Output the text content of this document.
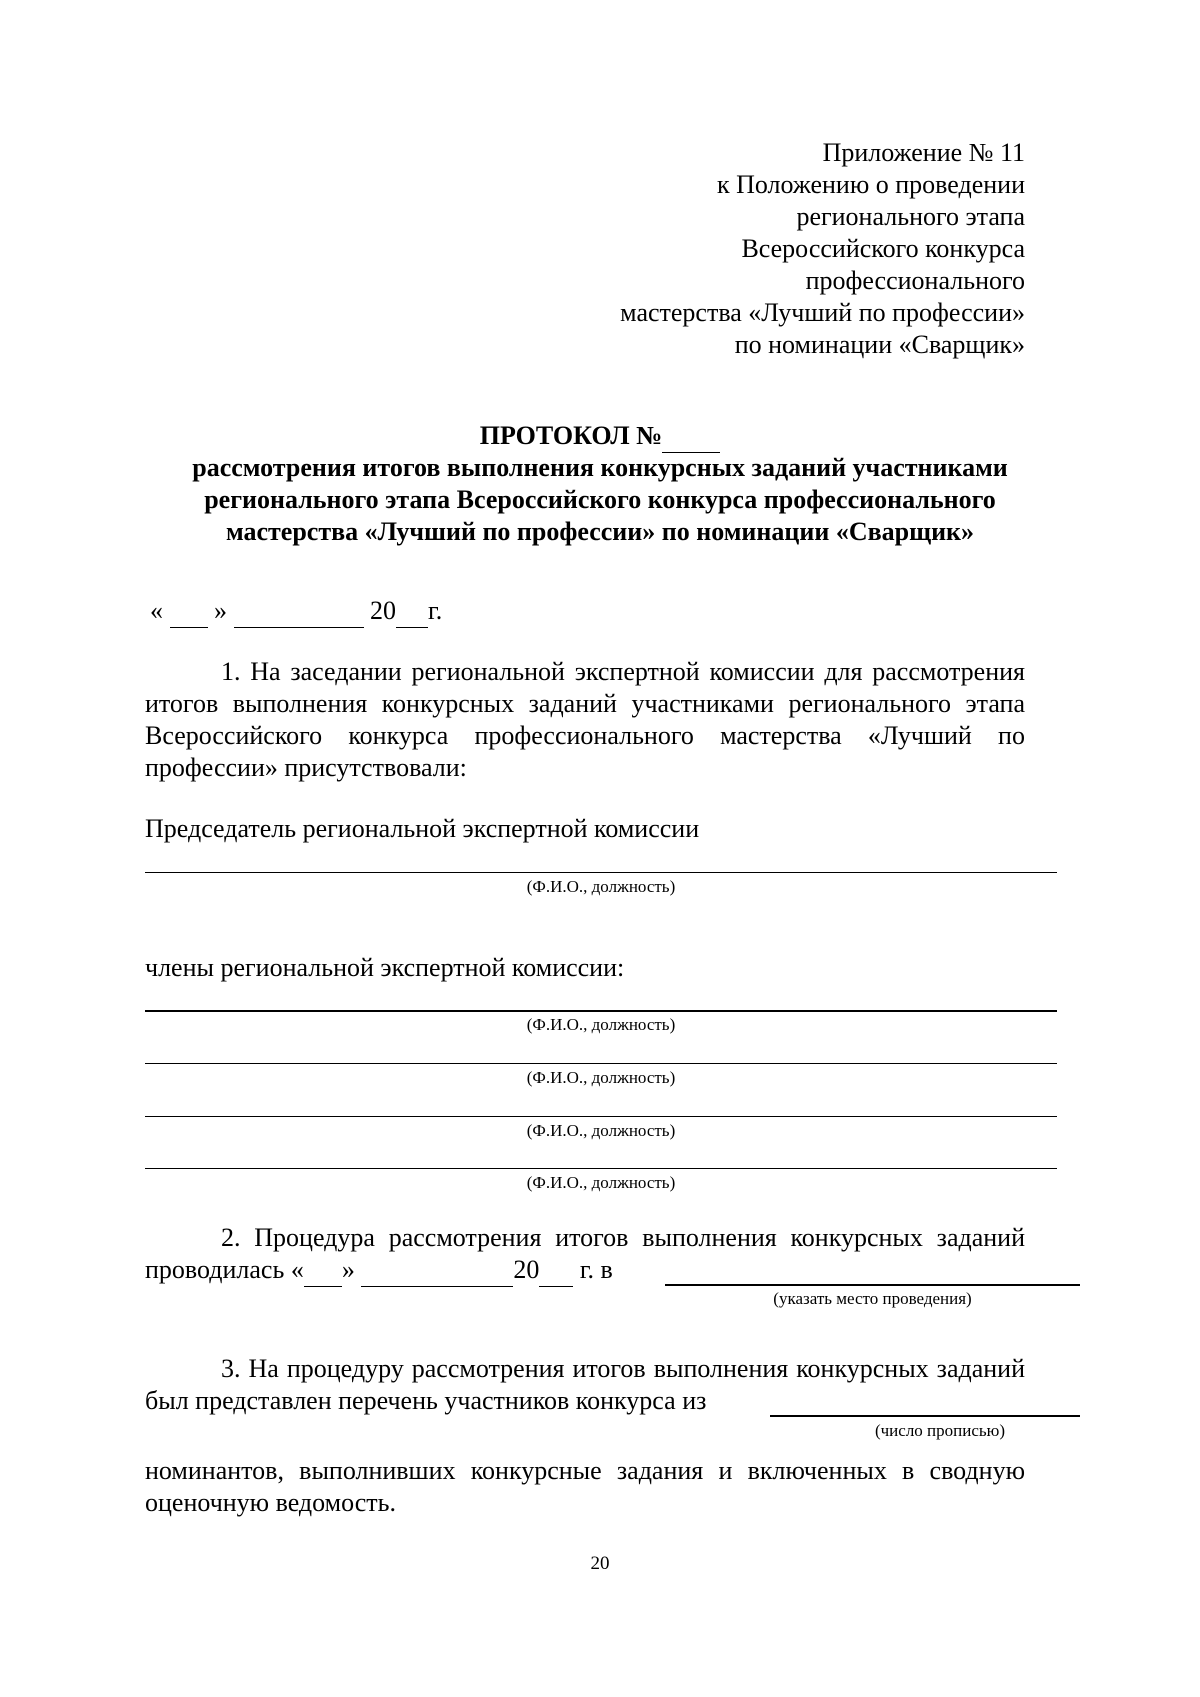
Приложение № 11
к Положению о проведении
регионального этапа
Всероссийского конкурса
профессионального
мастерства «Лучший по профессии»
по номинации «Сварщик»
ПРОТОКОЛ №
рассмотрения итогов выполнения конкурсных заданий участниками
регионального этапа Всероссийского конкурса профессионального
мастерства «Лучший по профессии» по номинации «Сварщик»
« »	20 г.
1. На заседании региональной экспертной комиссии для рассмотрения
итогов выполнения конкурсных заданий участниками регионального этапа
Всероссийского конкурса профессионального мастерства «Лучший по
профессии» присутствовали:
Председатель региональной экспертной комиссии
(Ф.И.О., должность)
члены региональной экспертной комиссии:
(Ф.И.О., должность)
(Ф.И.О., должность)
(Ф.И.О., должность)
(Ф.И.О., должность)
2. Процедура рассмотрения итогов выполнения конкурсных заданий
проводилась « »	20 г. в
(указать место проведения)
3. На процедуру рассмотрения итогов выполнения конкурсных заданий
был представлен перечень участников конкурса из
(число прописью)
номинантов, выполнивших конкурсные задания и включенных в сводную
оценочную ведомость.
20
